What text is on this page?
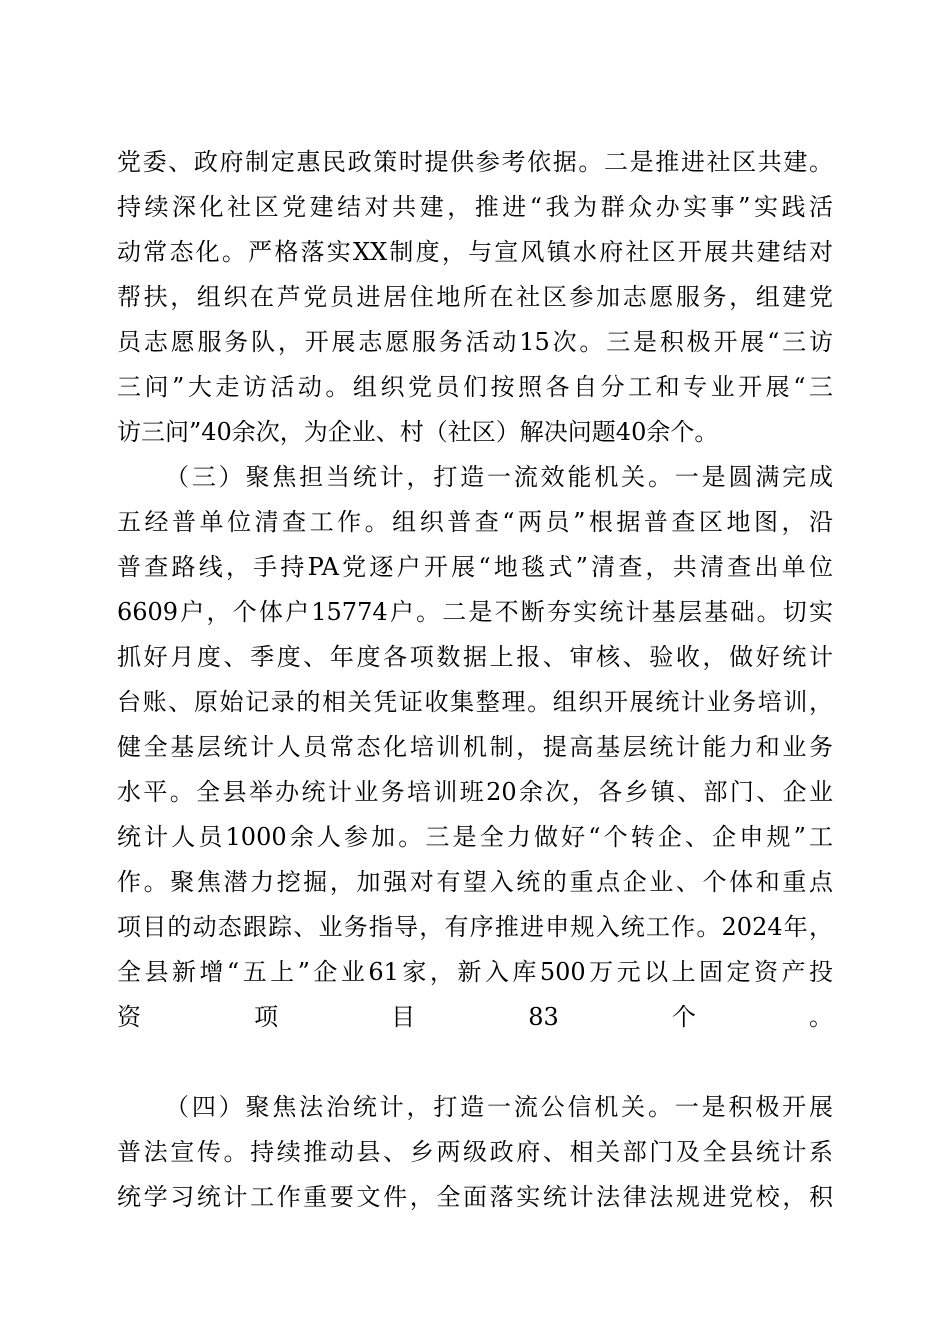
党委、政府制定惠民政策时提供参考依据。二是推进社区共建。
持续深化社区党建结对共建，推进“我为群众办实事”实践活
动常态化。严格落实XX制度，与宣风镇水府社区开展共建结对
帮扶，组织在芦党员进居住地所在社区参加志愿服务，组建党
员志愿服务队，开展志愿服务活动15次。三是积极开展“三访
三问”大走访活动。组织党员们按照各自分工和专业开展“三
访三问”40余次，为企业、村（社区）解决问题40余个。
（三）聚焦担当统计，打造一流效能机关。一是圆满完成
五经普单位清查工作。组织普查“两员”根据普查区地图，沿
普查路线，手持PA党逐户开展“地毯式”清查，共清查出单位
6609户，个体户15774户。二是不断夯实统计基层基础。切实
抓好月度、季度、年度各项数据上报、审核、验收，做好统计
台账、原始记录的相关凭证收集整理。组织开展统计业务培训，
健全基层统计人员常态化培训机制，提高基层统计能力和业务
水平。全县举办统计业务培训班20余次，各乡镇、部门、企业
统计人员1000余人参加。三是全力做好“个转企、企申规”工
作。聚焦潜力挖掘，加强对有望入统的重点企业、个体和重点
项目的动态跟踪、业务指导，有序推进申规入统工作。2024年，
全县新增“五上”企业61家，新入库500万元以上固定资产投
资项目83个。
（四）聚焦法治统计，打造一流公信机关。一是积极开展
普法宣传。持续推动县、乡两级政府、相关部门及全县统计系
统学习统计工作重要文件，全面落实统计法律法规进党校，积
